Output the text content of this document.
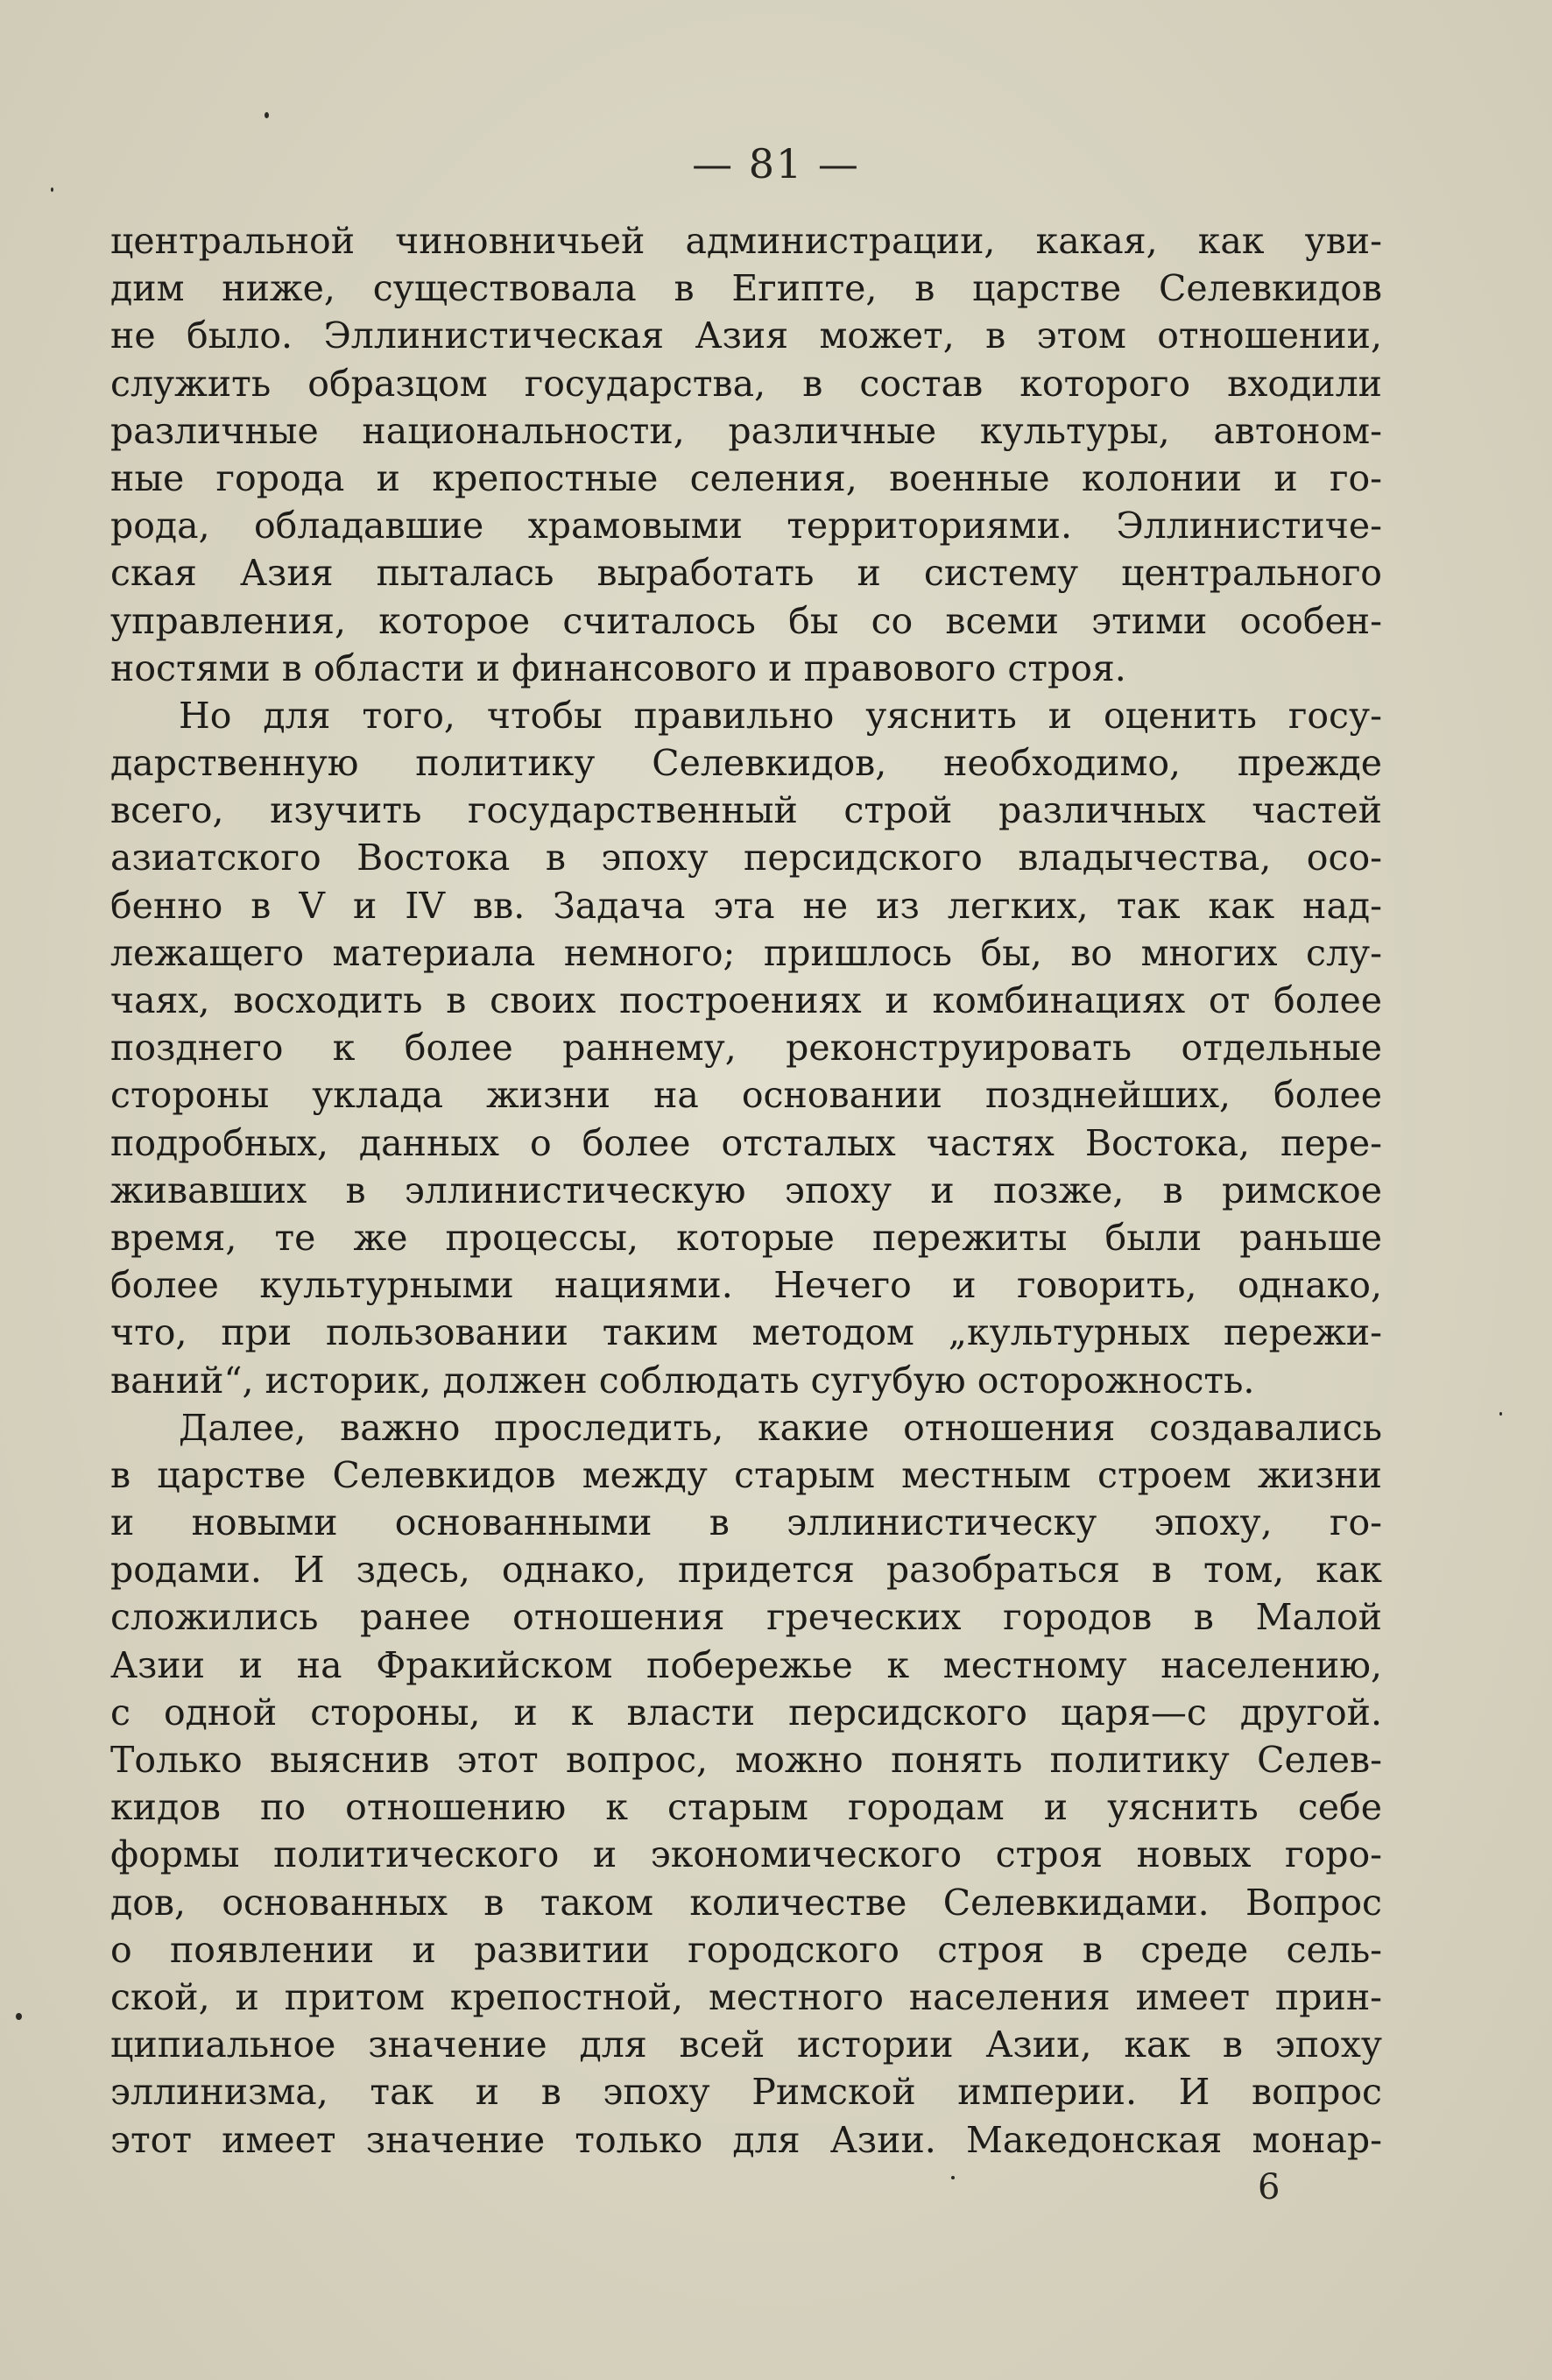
— 81 —
центральной чиновничьей администрации, какая, как уви-
дим ниже, существовала в Египте, в царстве Селевкидов
не было. Эллинистическая Азия может, в этом отношении,
служить образцом государства, в состав которого входили
различные национальности, различные культуры, автоном-
ные города и крепостные селения, военные колонии и го-
рода, обладавшие храмовыми территориями. Эллинистиче-
ская Азия пыталась выработать и систему центрального
управления, которое считалось бы со всеми этими особен-
ностями в области и финансового и правового строя.
Но для того, чтобы правильно уяснить и оценить госу-
дарственную политику Селевкидов, необходимо, прежде
всего, изучить государственный строй различных частей
азиатского Востока в эпоху персидского владычества, осо-
бенно в V и IV вв. Задача эта не из легких, так как над-
лежащего материала немного; пришлось бы, во многих слу-
чаях, восходить в своих построениях и комбинациях от более
позднего к более раннему, реконструировать отдельные
стороны уклада жизни на основании позднейших, более
подробных, данных о более отсталых частях Востока, пере-
живавших в эллинистическую эпоху и позже, в римское
время, те же процессы, которые пережиты были раньше
более культурными нациями. Нечего и говорить, однако,
что, при пользовании таким методом „культурных пережи-
ваний“, историк, должен соблюдать сугубую осторожность.
Далее, важно проследить, какие отношения создавались
в царстве Селевкидов между старым местным строем жизни
и новыми основанными в эллинистическу эпоху, го-
родами. И здесь, однако, придется разобраться в том, как
сложились ранее отношения греческих городов в Малой
Азии и на Фракийском побережье к местному населению,
с одной стороны, и к власти персидского царя—с другой.
Только выяснив этот вопрос, можно понять политику Селев-
кидов по отношению к старым городам и уяснить себе
формы политического и экономического строя новых горо-
дов, основанных в таком количестве Селевкидами. Вопрос
о появлении и развитии городского строя в среде сель-
ской, и притом крепостной, местного населения имеет прин-
ципиальное значение для всей истории Азии, как в эпоху
эллинизма, так и в эпоху Римской империи. И вопрос
этот имеет значение только для Азии. Македонская монар-
6
